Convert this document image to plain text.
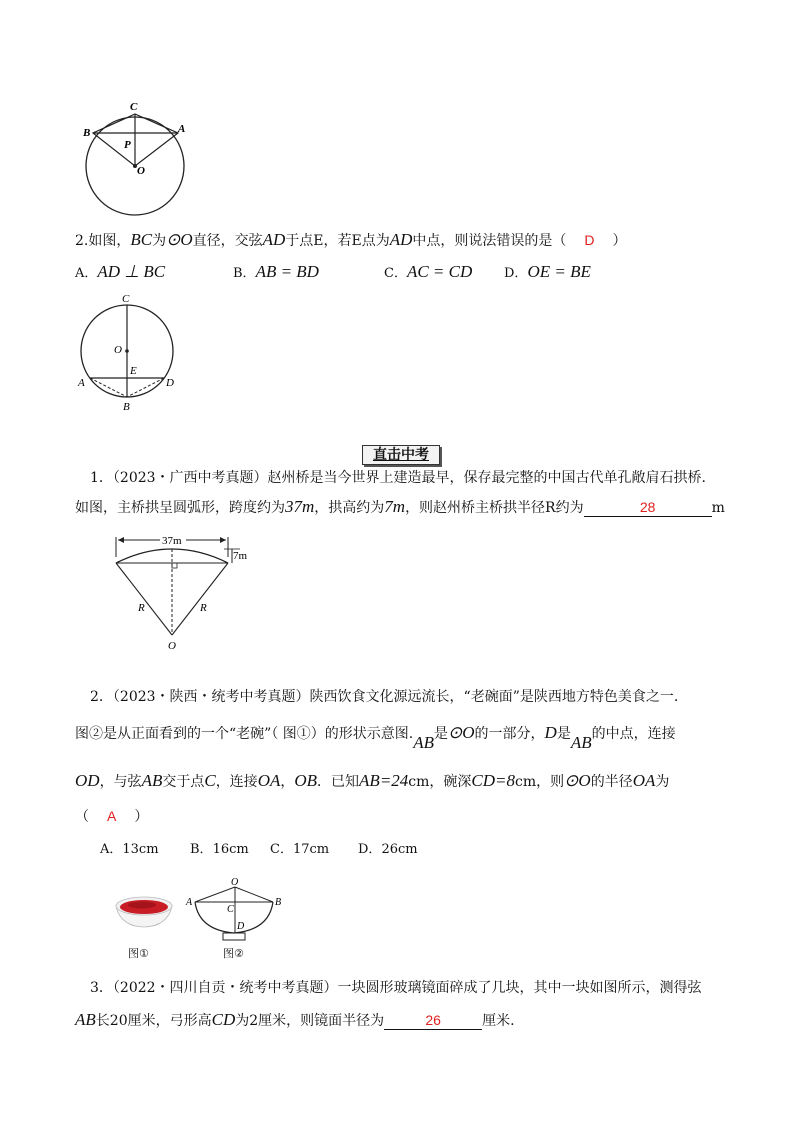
C
B	A
P
O
2.如图，BC为⊙O直径，交弦AD于点E，若E点为AD中点，则说法错误的是（ D ）
A．AD ⊥ BC	B．AB = BD	C．AC = CD D．OE = BE
C
O
E
A	D
B
直击中考
1．（2023・广西中考真题）赵州桥是当今世界上建造最早，保存最完整的中国古代单孔敞肩石拱桥.
如图，主桥拱呈圆弧形，跨度约为37m，拱高约为7m，则赵州桥主桥拱半径R约为	28	m
37m
7m
R	R
O
2．（2023・陕西・统考中考真题）陕西饮食文化源远流长，“老碗面”是陕西地方特色美食之一.
图②是从正面看到的一个“老碗”（ 图①）的形状示意图.AB是⊙O的一部分，D是AB的中点，连接
OD，与弦AB交于点C，连接OA，OB．已知AB=24cm，碗深CD=8cm，则⊙O的半径OA为
（ A ）
A．13cm B．16cm C．17cm D．26cm
图①
O
A	B
C
D
图②
3．（2022・四川自贡・统考中考真题）一块圆形玻璃镜面碎成了几块，其中一块如图所示，测得弦
AB长20厘米，弓形高CD为2厘米，则镜面半径为	26	厘米.
